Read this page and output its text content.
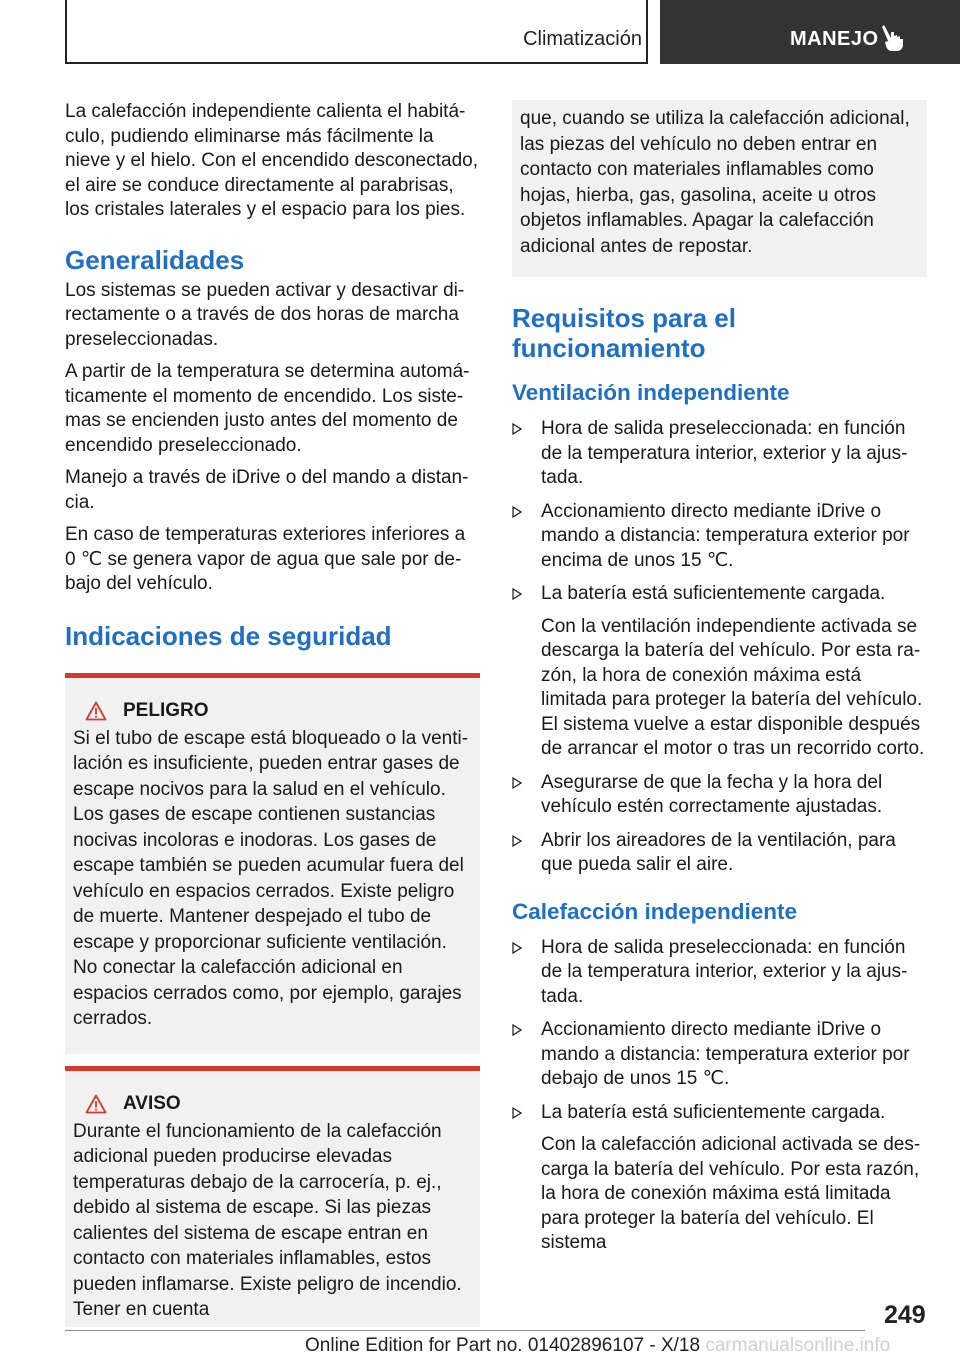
Climatización	MANEJO

La calefacción independiente calienta el habitáculo, pudiendo eliminarse más fácilmente la nieve y el hielo. Con el encendido desconectado, el aire se conduce directamente al parabrisas, los cristales laterales y el espacio para los pies.

Generalidades

Los sistemas se pueden activar y desactivar directamente o a través de dos horas de marcha preseleccionadas.

A partir de la temperatura se determina automáticamente el momento de encendido. Los sistemas se encienden justo antes del momento de encendido preseleccionado.

Manejo a través de iDrive o del mando a distancia.

En caso de temperaturas exteriores inferiores a 0 ℃ se genera vapor de agua que sale por debajo del vehículo.

Indicaciones de seguridad
PELIGRO

Si el tubo de escape está bloqueado o la ventilación es insuficiente, pueden entrar gases de escape nocivos para la salud en el vehículo. Los gases de escape contienen sustancias nocivas incoloras e inodoras. Los gases de escape también se pueden acumular fuera del vehículo en espacios cerrados. Existe peligro de muerte. Mantener despejado el tubo de escape y proporcionar suficiente ventilación. No conectar la calefacción adicional en espacios cerrados como, por ejemplo, garajes cerrados.

AVISO

Durante el funcionamiento de la calefacción adicional pueden producirse elevadas temperaturas debajo de la carrocería, p. ej., debido al sistema de escape. Si las piezas calientes del sistema de escape entran en contacto con materiales inflamables, estos pueden inflamarse. Existe peligro de incendio. Tener en cuenta

que, cuando se utiliza la calefacción adicional, las piezas del vehículo no deben entrar en contacto con materiales inflamables como hojas, hierba, gas, gasolina, aceite u otros objetos inflamables. Apagar la calefacción adicional antes de repostar.

Requisitos para el funcionamiento
Ventilación independiente
Hora de salida preseleccionada: en función de la temperatura interior, exterior y la ajustada.
Accionamiento directo mediante iDrive o mando a distancia: temperatura exterior por encima de unos 15 ℃.
La batería está suficientemente cargada.

Con la ventilación independiente activada se descarga la batería del vehículo. Por esta razón, la hora de conexión máxima está limitada para proteger la batería del vehículo. El sistema vuelve a estar disponible después de arrancar el motor o tras un recorrido corto.

Asegurarse de que la fecha y la hora del vehículo estén correctamente ajustadas.
Abrir los aireadores de la ventilación, para que pueda salir el aire.
Calefacción independiente
Hora de salida preseleccionada: en función de la temperatura interior, exterior y la ajustada.
Accionamiento directo mediante iDrive o mando a distancia: temperatura exterior por debajo de unos 15 ℃.
La batería está suficientemente cargada.

Con la calefacción adicional activada se descarga la batería del vehículo. Por esta razón, la hora de conexión máxima está limitada para proteger la batería del vehículo. El sistema

249
Online Edition for Part no. 01402896107 - X/18 carmanualsonline.info
